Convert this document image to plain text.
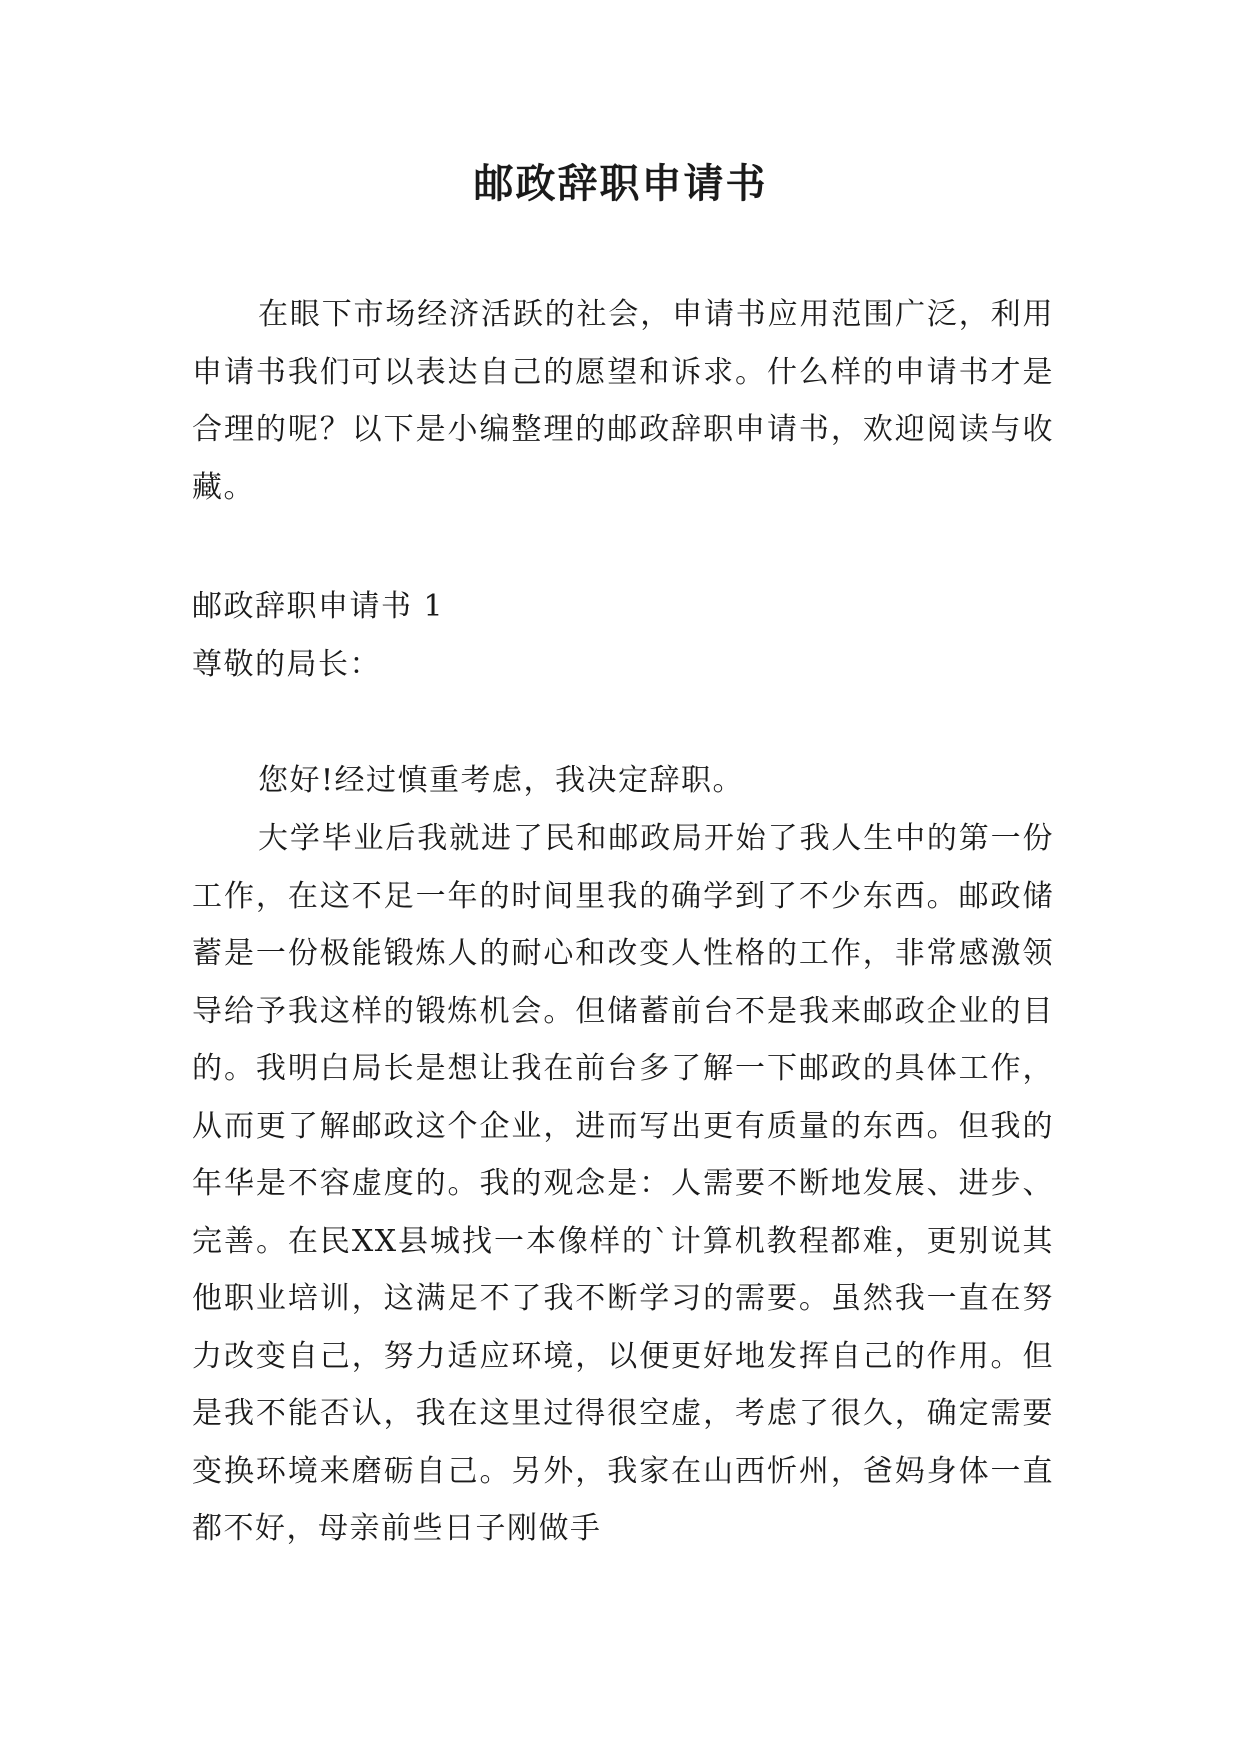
邮政辞职申请书

在眼下市场经济活跃的社会，申请书应用范围广泛，利用申请书我们可以表达自己的愿望和诉求。什么样的申请书才是合理的呢？以下是小编整理的邮政辞职申请书，欢迎阅读与收藏。

邮政辞职申请书 1

尊敬的局长：

您好!经过慎重考虑，我决定辞职。

大学毕业后我就进了民和邮政局开始了我人生中的第一份工作，在这不足一年的时间里我的确学到了不少东西。邮政储蓄是一份极能锻炼人的耐心和改变人性格的工作，非常感激领导给予我这样的锻炼机会。但储蓄前台不是我来邮政企业的目的。我明白局长是想让我在前台多了解一下邮政的具体工作，从而更了解邮政这个企业，进而写出更有质量的东西。但我的年华是不容虚度的。我的观念是：人需要不断地发展、进步、完善。在民XX县城找一本像样的`计算机教程都难，更别说其他职业培训，这满足不了我不断学习的需要。虽然我一直在努力改变自己，努力适应环境，以便更好地发挥自己的作用。但是我不能否认，我在这里过得很空虚，考虑了很久，确定需要变换环境来磨砺自己。另外，我家在山西忻州，爸妈身体一直都不好，母亲前些日子刚做手
